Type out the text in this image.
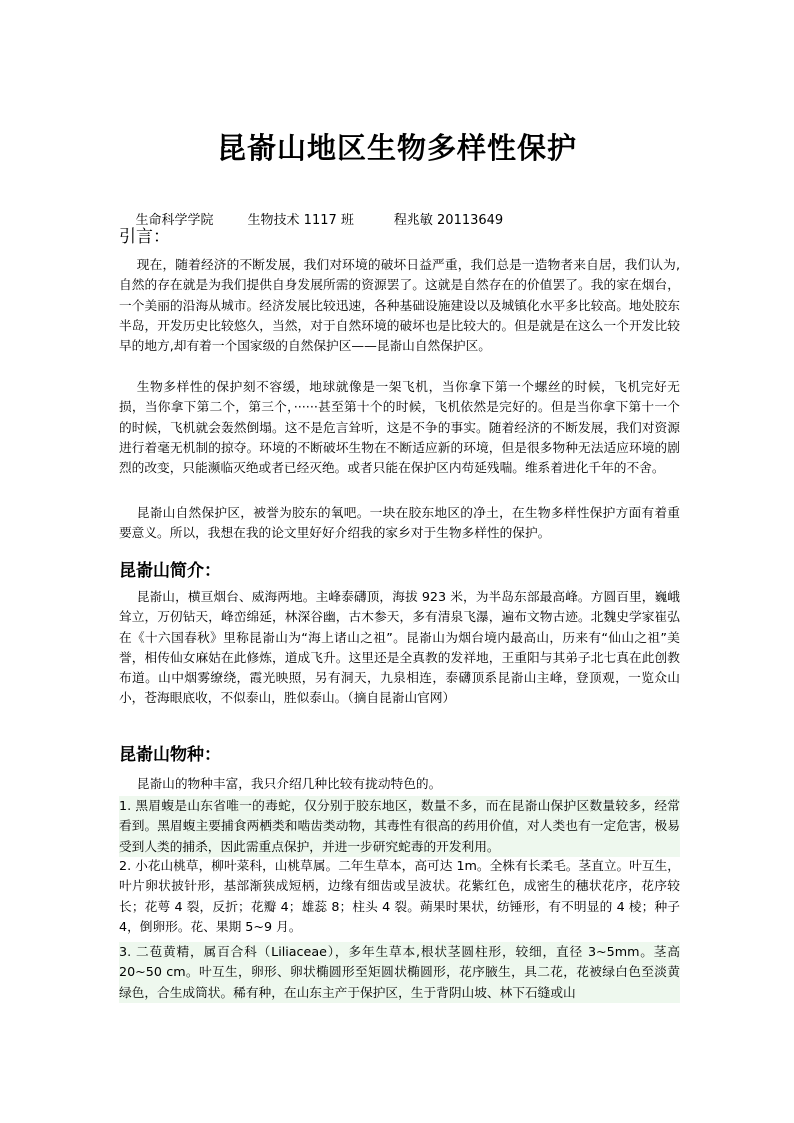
昆嵛山地区生物多样性保护

生命科学学院	生物技术 1117 班	程兆敏 20113649

引言：
现在，随着经济的不断发展，我们对环境的破坏日益严重，我们总是一造物者来自居，我们认为,自然的存在就是为我们提供自身发展所需的资源罢了。这就是自然存在的价值罢了。我的家在烟台，一个美丽的沿海从城市。经济发展比较迅速，各种基础设施建设以及城镇化水平多比较高。地处胶东半岛，开发历史比较悠久，当然，对于自然环境的破坏也是比较大的。但是就是在这么一个开发比较早的地方,却有着一个国家级的自然保护区——昆嵛山自然保护区。
生物多样性的保护刻不容缓，地球就像是一架飞机，当你拿下第一个螺丝的时候，飞机完好无损，当你拿下第二个，第三个，······甚至第十个的时候，飞机依然是完好的。但是当你拿下第十一个的时候，飞机就会轰然倒塌。这不是危言耸听，这是不争的事实。随着经济的不断发展，我们对资源进行着毫无机制的掠夺。环境的不断破坏生物在不断适应新的环境，但是很多物种无法适应环境的剧烈的改变，只能濒临灭绝或者已经灭绝。或者只能在保护区内苟延残喘。维系着进化千年的不舍。
昆嵛山自然保护区，被誉为胶东的氧吧。一块在胶东地区的净土，在生物多样性保护方面有着重要意义。所以，我想在我的论文里好好介绍我的家乡对于生物多样性的保护。
昆嵛山简介：
昆嵛山，横亘烟台、威海两地。主峰泰礴顶，海拔 923 米，为半岛东部最高峰。方圆百里，巍峨耸立，万仞钻天，峰峦绵延，林深谷幽，古木参天，多有清泉飞瀑，遍布文物古迹。北魏史学家崔弘在《十六国春秋》里称昆嵛山为“海上诸山之祖”。昆嵛山为烟台境内最高山，历来有“仙山之祖”美誉，相传仙女麻姑在此修炼，道成飞升。这里还是全真教的发祥地，王重阳与其弟子北七真在此创教布道。山中烟雾缭绕，霞光映照，另有洞天，九泉相连，泰礴顶系昆嵛山主峰，登顶观，一览众山小，苍海眼底收，不似泰山，胜似泰山。（摘自昆嵛山官网）
昆嵛山物种：
昆嵛山的物种丰富，我只介绍几种比较有拢动特色的。
1. 黑眉蝮是山东省唯一的毒蛇，仅分别于胶东地区，数量不多，而在昆嵛山保护区数量较多，经常看到。黑眉蝮主要捕食两栖类和啮齿类动物，其毒性有很高的药用价值，对人类也有一定危害，极易受到人类的捕杀，因此需重点保护，并进一步研究蛇毒的开发利用。
2. 小花山桃草，柳叶菜科，山桃草属。二年生草本，高可达 1m。全株有长柔毛。茎直立。叶互生，叶片卵状披针形，基部渐狭成短柄，边缘有细齿或呈波状。花紫红色，成密生的穗状花序，花序较长；花萼 4 裂，反折；花瓣 4；雄蕊 8；柱头 4 裂。蒴果时果状，纺锤形，有不明显的 4 棱；种子 4，倒卵形。花、果期 5~9 月。
3. 二苞黄精，属百合科（Liliaceae），多年生草本,根状茎圆柱形，较细，直径 3~5mm。茎高 20~50 cm。叶互生，卵形、卵状椭圆形至矩圆状椭圆形，花序腋生，具二花，花被绿白色至淡黄绿色，合生成筒状。稀有种，在山东主产于保护区，生于背阴山坡、林下石缝或山
